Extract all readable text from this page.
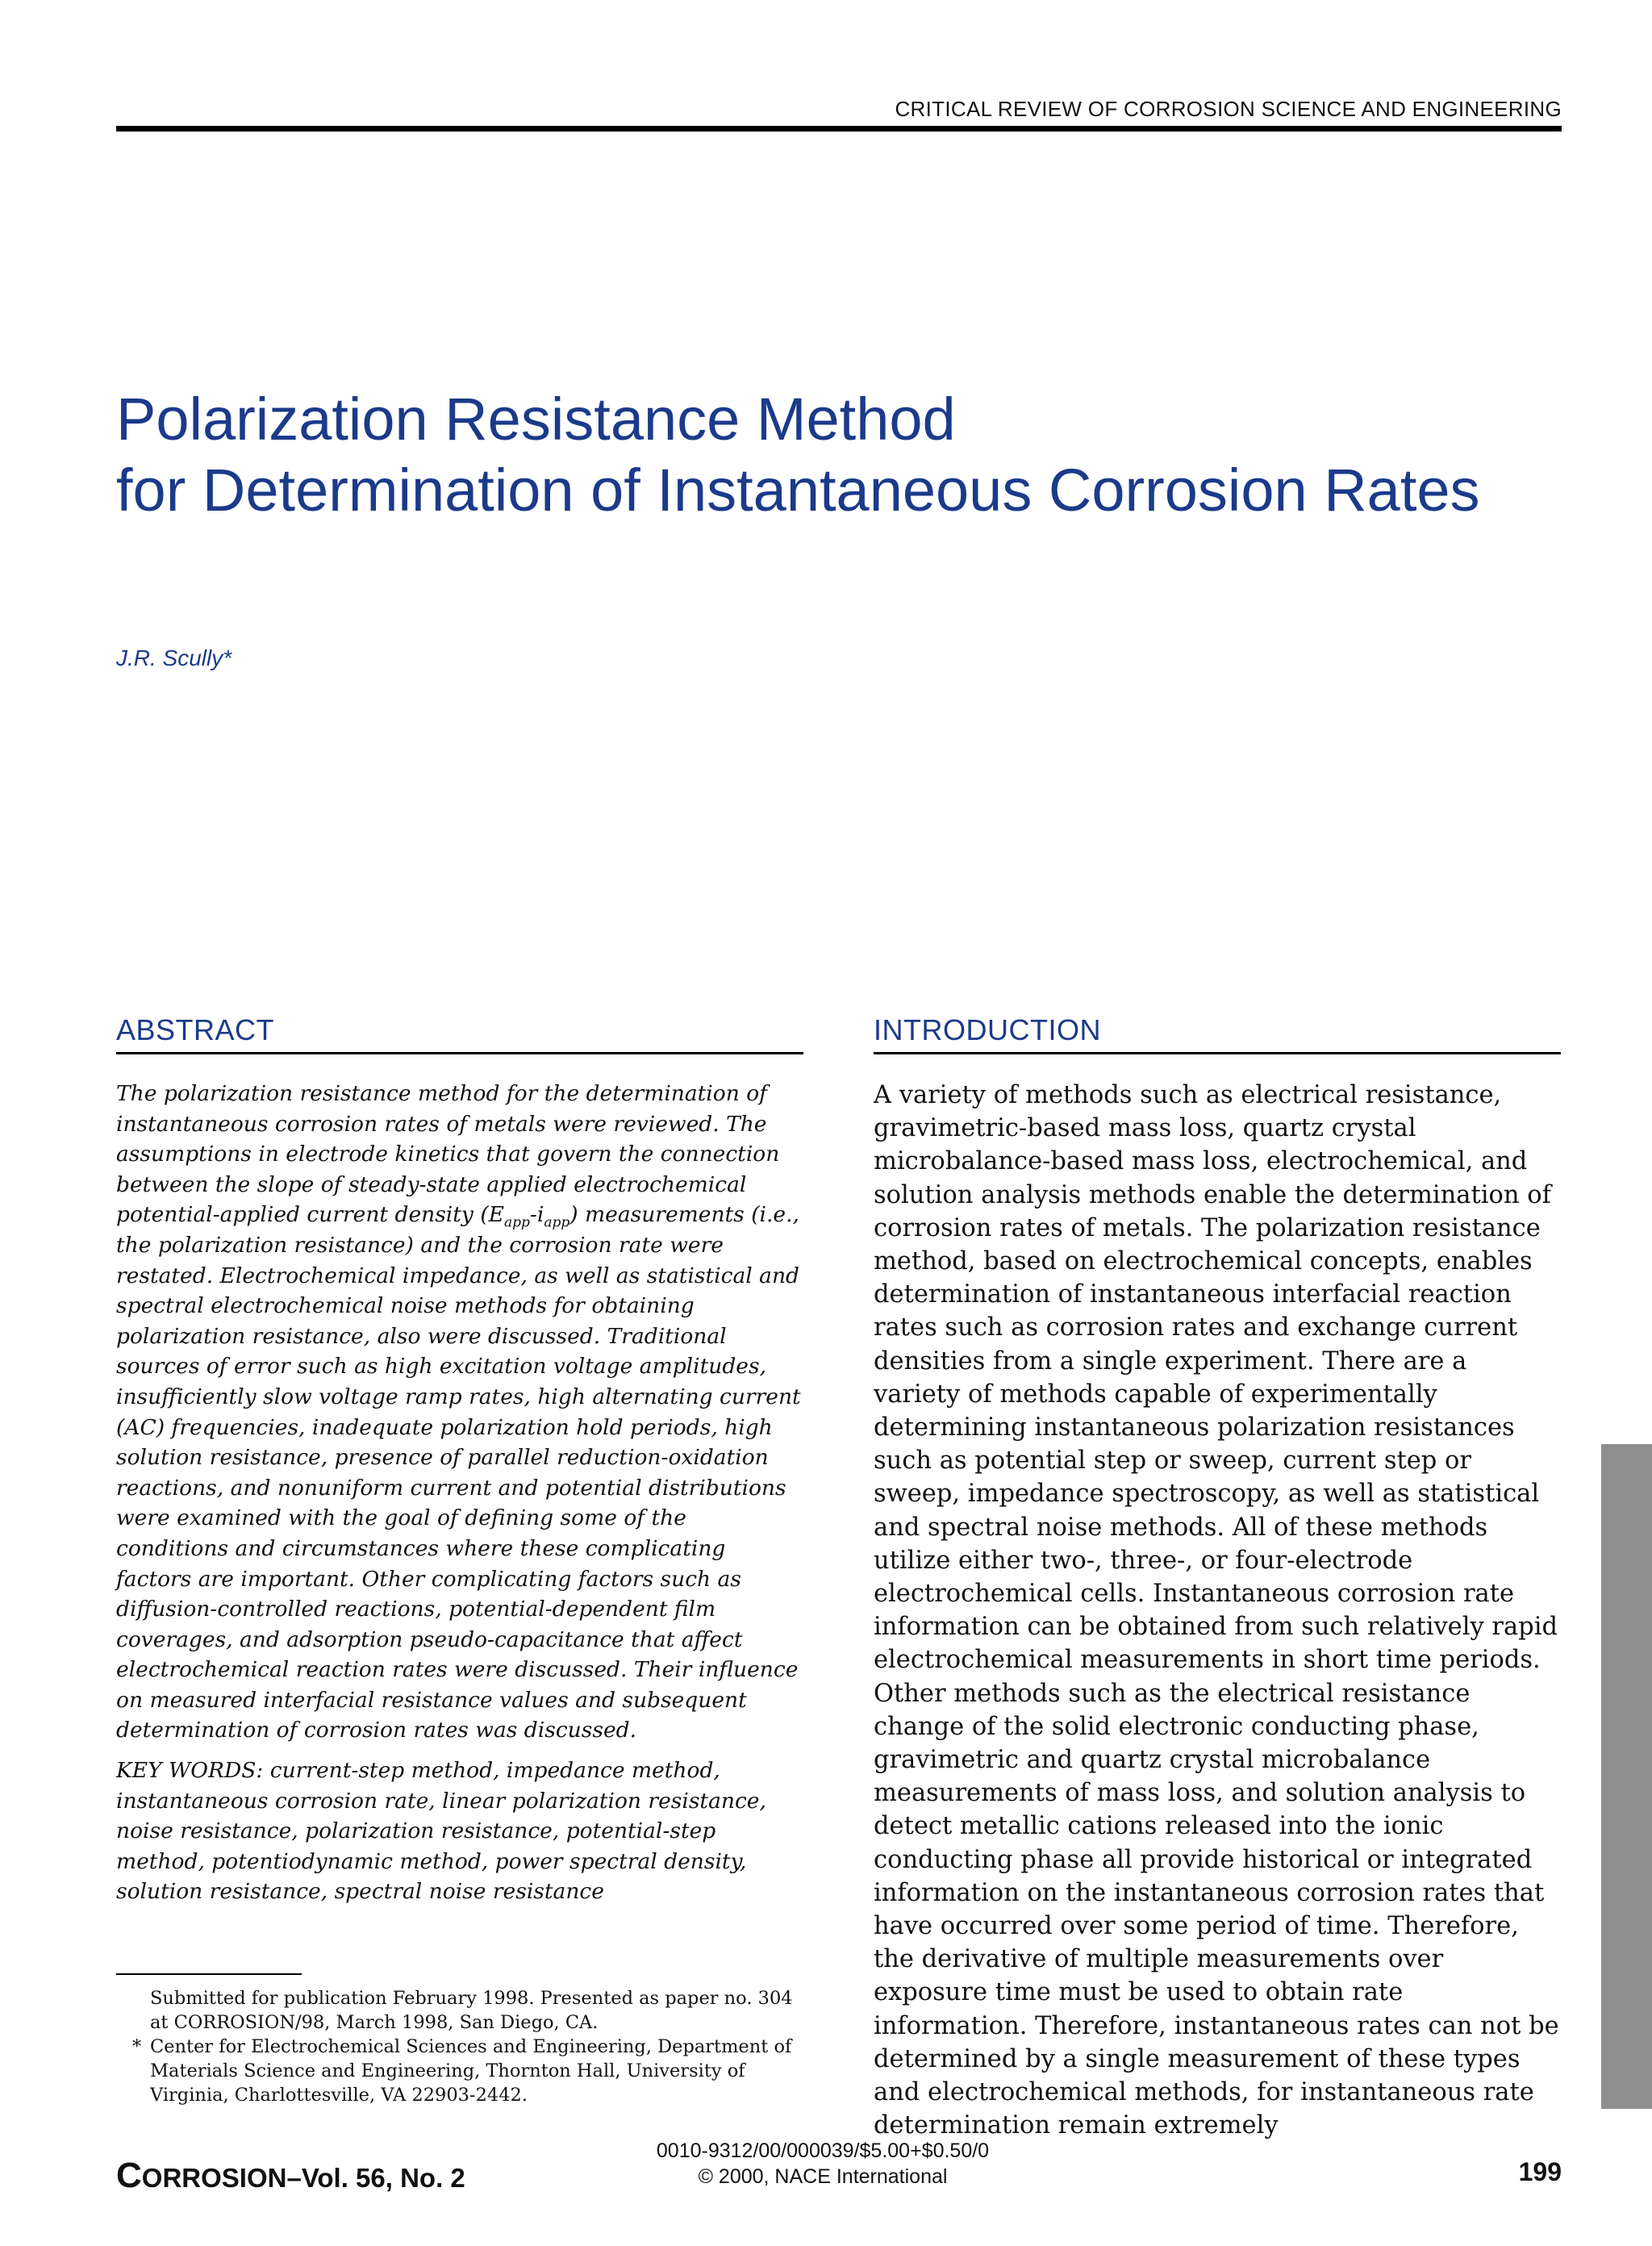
CRITICAL REVIEW OF CORROSION SCIENCE AND ENGINEERING
Polarization Resistance Method
for Determination of Instantaneous Corrosion Rates
J.R. Scully*
ABSTRACT

The polarization resistance method for the determination of instantaneous corrosion rates of metals were reviewed. The assumptions in electrode kinetics that govern the connection between the slope of steady-state applied electrochemical potential-applied current density $(E_{app}-i_{app})$ measurements (i.e., the polarization resistance) and the corrosion rate were restated. Electrochemical impedance, as well as statistical and spectral electrochemical noise methods for obtaining polarization resistance, also were discussed. Traditional sources of error such as high excitation voltage amplitudes, insufficiently slow voltage ramp rates, high alternating current (AC) frequencies, inadequate polarization hold periods, high solution resistance, presence of parallel reduction-oxidation reactions, and nonuniform current and potential distributions were examined with the goal of defining some of the conditions and circumstances where these complicating factors are important. Other complicating factors such as diffusion-controlled reactions, potential-dependent film coverages, and adsorption pseudo-capacitance that affect electrochemical reaction rates were discussed. Their influence on measured interfacial resistance values and subsequent determination of corrosion rates was discussed.

KEY WORDS: current-step method, impedance method, instantaneous corrosion rate, linear polarization resistance, noise resistance, polarization resistance, potential-step method, potentiodynamic method, power spectral density, solution resistance, spectral noise resistance

INTRODUCTION

A variety of methods such as electrical resistance, gravimetric-based mass loss, quartz crystal microbalance-based mass loss, electrochemical, and solution analysis methods enable the determination of corrosion rates of metals. The polarization resistance method, based on electrochemical concepts, enables determination of instantaneous interfacial reaction rates such as corrosion rates and exchange current densities from a single experiment. There are a variety of methods capable of experimentally determining instantaneous polarization resistances such as potential step or sweep, current step or sweep, impedance spectroscopy, as well as statistical and spectral noise methods. All of these methods utilize either two-, three-, or four-electrode electrochemical cells. Instantaneous corrosion rate information can be obtained from such relatively rapid electrochemical measurements in short time periods. Other methods such as the electrical resistance change of the solid electronic conducting phase, gravimetric and quartz crystal microbalance measurements of mass loss, and solution analysis to detect metallic cations released into the ionic conducting phase all provide historical or integrated information on the instantaneous corrosion rates that have occurred over some period of time. Therefore, the derivative of multiple measurements over exposure time must be used to obtain rate information. Therefore, instantaneous rates can not be determined by a single measurement of these types and electrochemical methods, for instantaneous rate determination remain extremely

Submitted for publication February 1998. Presented as paper no. 304 at CORROSION/98, March 1998, San Diego, CA.
* Center for Electrochemical Sciences and Engineering, Department of Materials Science and Engineering, Thornton Hall, University of Virginia, Charlottesville, VA 22903-2442.
CORROSION–Vol. 56, No. 2
0010-9312/00/000039/$5.00+$0.50/0
© 2000, NACE International	199
